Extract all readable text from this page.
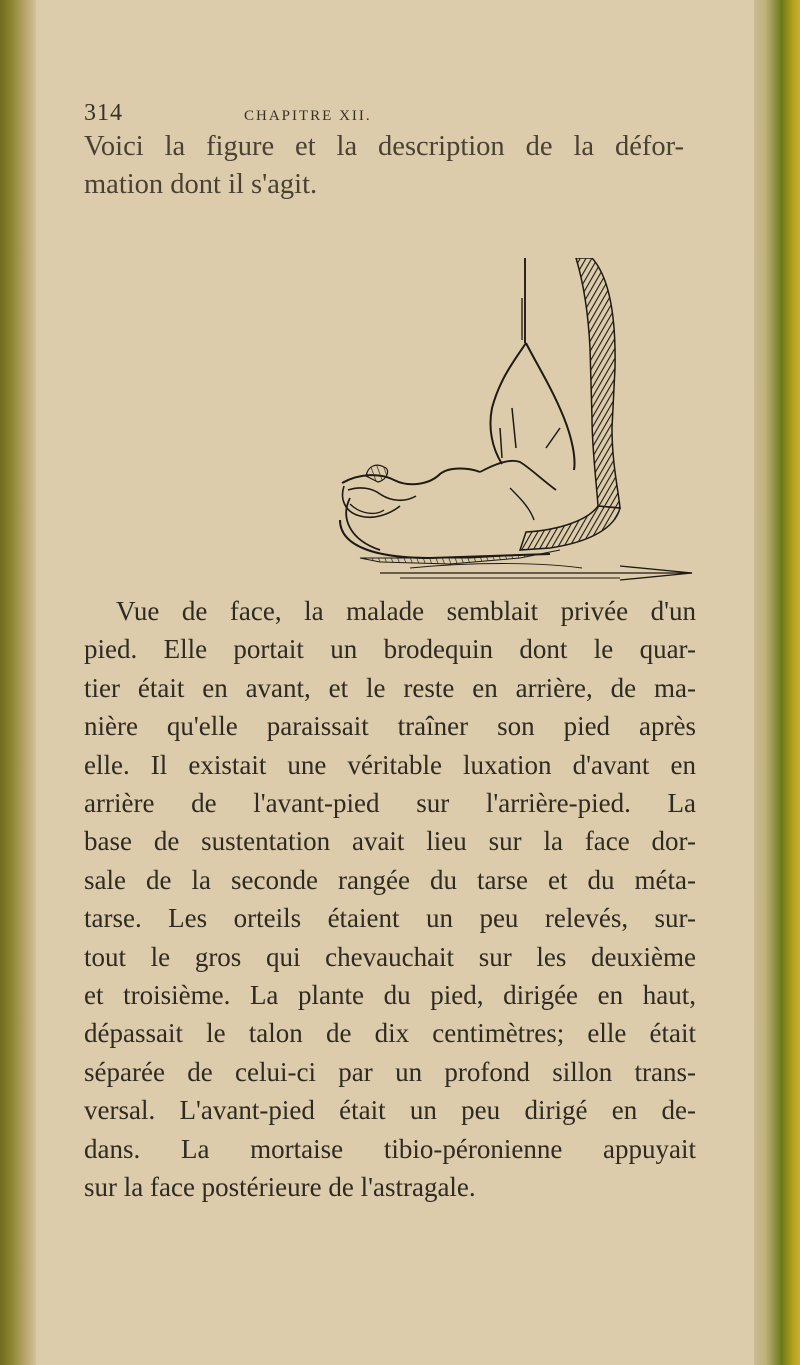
314	CHAPITRE XII.

Voici la figure et la description de la défor-
mation dont il s'agit.

Vue de face, la malade semblait privée d'un
pied. Elle portait un brodequin dont le quar-
tier était en avant, et le reste en arrière, de ma-
nière qu'elle paraissait traîner son pied après
elle. Il existait une véritable luxation d'avant en
arrière de l'avant-pied sur l'arrière-pied. La
base de sustentation avait lieu sur la face dor-
sale de la seconde rangée du tarse et du méta-
tarse. Les orteils étaient un peu relevés, sur-
tout le gros qui chevauchait sur les deuxième
et troisième. La plante du pied, dirigée en haut,
dépassait le talon de dix centimètres; elle était
séparée de celui-ci par un profond sillon trans-
versal. L'avant-pied était un peu dirigé en de-
dans. La mortaise tibio-péronienne appuyait
sur la face postérieure de l'astragale.
